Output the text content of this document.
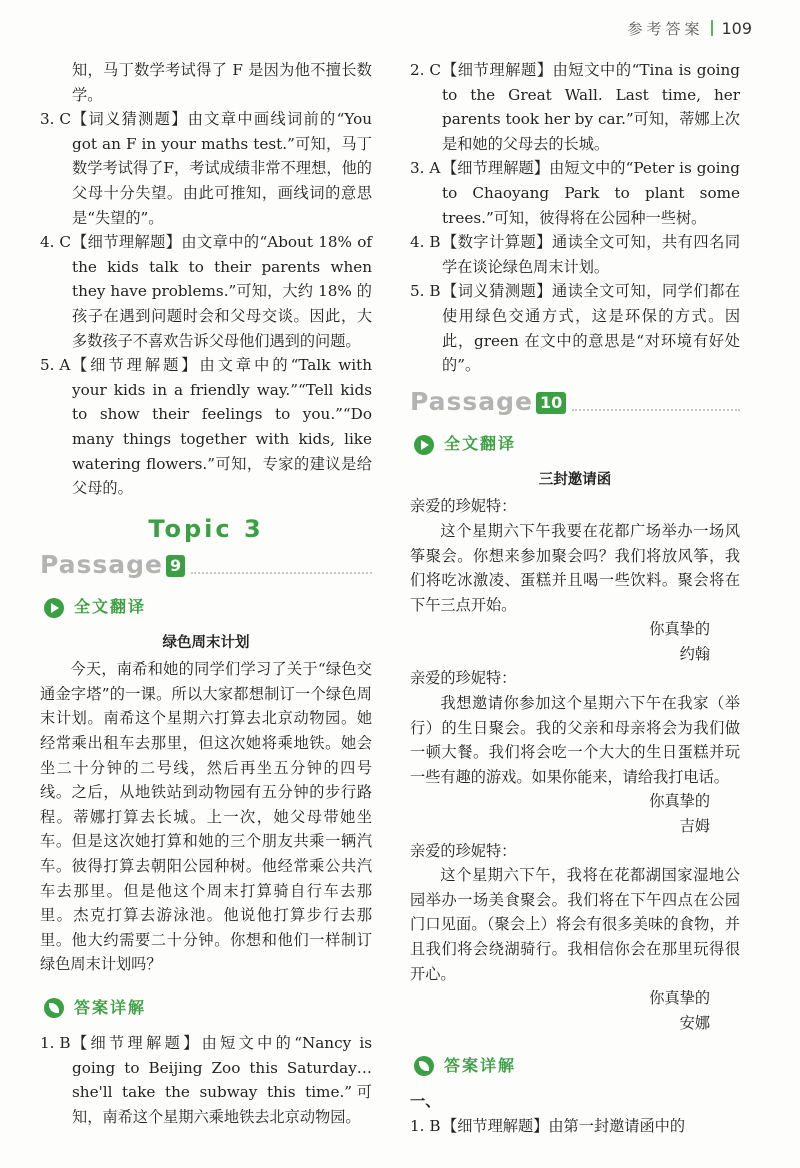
参考答案 109
知，马丁数学考试得了 F 是因为他不擅长数学。
3. C 【词义猜测题】由文章中画线词前的“You got an F in your maths test.”可知，马丁数学考试得了F，考试成绩非常不理想，他的父母十分失望。由此可推知，画线词的意思是“失望的”。
4. C 【细节理解题】由文章中的“About 18% of the kids talk to their parents when they have problems.”可知，大约 18% 的孩子在遇到问题时会和父母交谈。因此，大多数孩子不喜欢告诉父母他们遇到的问题。
5. A 【细节理解题】由文章中的“Talk with your kids in a friendly way.”“Tell kids to show their feelings to you.”“Do many things together with kids, like watering flowers.”可知，专家的建议是给父母的。
Topic 3
Passage 9
全文翻译
绿色周末计划
今天，南希和她的同学们学习了关于“绿色交通金字塔”的一课。所以大家都想制订一个绿色周末计划。南希这个星期六打算去北京动物园。她经常乘出租车去那里，但这次她将乘地铁。她会坐二十分钟的二号线，然后再坐五分钟的四号线。之后，从地铁站到动物园有五分钟的步行路程。蒂娜打算去长城。上一次，她父母带她坐车。但是这次她打算和她的三个朋友共乘一辆汽车。彼得打算去朝阳公园种树。他经常乘公共汽车去那里。但是他这个周末打算骑自行车去那里。杰克打算去游泳池。他说他打算步行去那里。他大约需要二十分钟。你想和他们一样制订绿色周末计划吗？
答案详解
1. B 【细节理解题】由短文中的“Nancy is going to Beijing Zoo this Saturday… she'll take the subway this time.”可知，南希这个星期六乘地铁去北京动物园。
2. C 【细节理解题】由短文中的“Tina is going to the Great Wall. Last time, her parents took her by car.”可知，蒂娜上次是和她的父母去的长城。
3. A 【细节理解题】由短文中的“Peter is going to Chaoyang Park to plant some trees.”可知，彼得将在公园种一些树。
4. B 【数字计算题】通读全文可知，共有四名同学在谈论绿色周末计划。
5. B 【词义猜测题】通读全文可知，同学们都在使用绿色交通方式，这是环保的方式。因此，green 在文中的意思是“对环境有好处的”。
Passage 10
全文翻译
三封邀请函
亲爱的珍妮特：
这个星期六下午我要在花都广场举办一场风筝聚会。你想来参加聚会吗？我们将放风筝，我们将吃冰激凌、蛋糕并且喝一些饮料。聚会将在下午三点开始。
你真挚的
约翰
亲爱的珍妮特：
我想邀请你参加这个星期六下午在我家（举行）的生日聚会。我的父亲和母亲将会为我们做一顿大餐。我们将会吃一个大大的生日蛋糕并玩一些有趣的游戏。如果你能来，请给我打电话。
你真挚的
吉姆
亲爱的珍妮特：
这个星期六下午，我将在花都湖国家湿地公园举办一场美食聚会。我们将在下午四点在公园门口见面。（聚会上）将会有很多美味的食物，并且我们将会绕湖骑行。我相信你会在那里玩得很开心。
你真挚的
安娜
答案详解
一、
1. B 【细节理解题】由第一封邀请函中的
